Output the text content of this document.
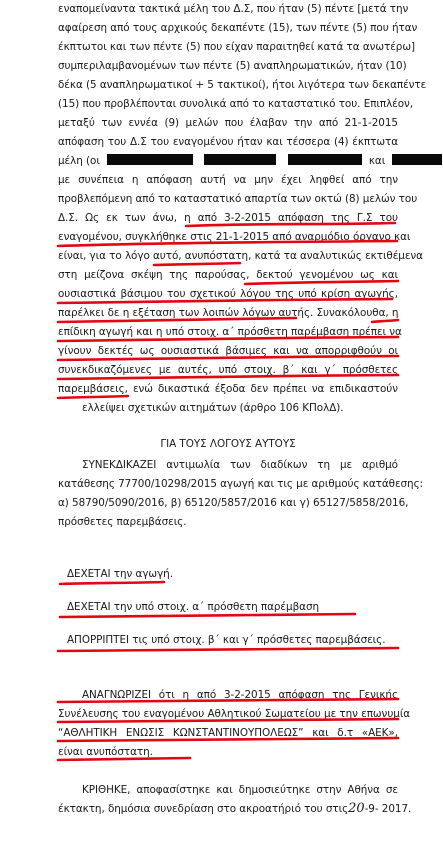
εναπομείναντα τακτικά μέλη του Δ.Σ, που ήταν (5) πέντε [μετά την
αφαίρεση από τους αρχικούς δεκαπέντε (15), των πέντε (5) που ήταν
έκπτωτοι και των πέντε (5) που είχαν παραιτηθεί κατά τα ανωτέρω]
συμπεριλαμβανομένων των πέντε (5) αναπληρωματικών, ήταν (10)
δέκα (5 αναπληρωματικοί + 5 τακτικοί), ήτοι λιγότερα των δεκαπέντε
(15) που προβλέπονται συνολικά από το καταστατικό του. Επιπλέον,
μεταξύ των εννέα (9) μελών που έλαβαν την από 21-1-2015
απόφαση του Δ.Σ του εναγομένου ήταν και τέσσερα (4) έκπτωτα
μέλη (οι	και
με συνέπεια η απόφαση αυτή να μην έχει ληφθεί από την
προβλεπόμενη από το καταστατικό απαρτία των οκτώ (8) μελών του
Δ.Σ. Ως εκ των άνω, η από 3-2-2015 απόφαση της Γ.Σ του
εναγομένου, συγκλήθηκε στις 21-1-2015 από αναρμόδιο όργανο και
είναι, για το λόγο αυτό, ανυπόστατη, κατά τα αναλυτικώς εκτιθέμενα
στη μείζονα σκέψη της παρούσας, δεκτού γενομένου ως και
ουσιαστικά βάσιμου του σχετικού λόγου της υπό κρίση αγωγής,
παρέλκει δε η εξέταση των λοιπών λόγων αυτής. Συνακόλουθα, η
επίδικη αγωγή και η υπό στοιχ. α΄ πρόσθετη παρέμβαση πρέπει να
γίνουν δεκτές ως ουσιαστικά βάσιμες και να απορριφθούν οι
συνεκδικαζόμενες με αυτές, υπό στοιχ. β΄ και γ΄ πρόσθετες
παρεμβάσεις, ενώ δικαστικά έξοδα δεν πρέπει να επιδικαστούν
ελλείψει σχετικών αιτημάτων (άρθρο 106 ΚΠολΔ).
ΓΙΑ ΤΟΥΣ ΛΟΓΟΥΣ ΑΥΤΟΥΣ
ΣΥΝΕΚΔΙΚΑΖΕΙ αντιμωλία των διαδίκων τη με αριθμό
κατάθεσης 77700/10298/2015 αγωγή και τις με αριθμούς κατάθεσης:
α) 58790/5090/2016, β) 65120/5857/2016 και γ) 65127/5858/2016,
πρόσθετες παρεμβάσεις.
ΔΕΧΕΤΑΙ την αγωγή.
ΔΕΧΕΤΑΙ την υπό στοιχ. α΄ πρόσθετη παρέμβαση
ΑΠΟΡΡΙΠΤΕΙ τις υπό στοιχ. β΄ και γ΄ πρόσθετες παρεμβάσεις.
ΑΝΑΓΝΩΡΙΖΕΙ ότι η από 3-2-2015 απόφαση της Γενικής
Συνέλευσης του εναγομένου Αθλητικού Σωματείου με την επωνυμία
“ΑΘΛΗΤΙΚΗ ΕΝΩΣΙΣ ΚΩΝΣΤΑΝΤΙΝΟΥΠΟΛΕΩΣ” και δ.τ «ΑΕΚ»,
είναι ανυπόστατη.
ΚΡΙΘΗΚΕ, αποφασίστηκε και δημοσιεύτηκε στην Αθήνα σε
έκτακτη, δημόσια συνεδρίαση στο ακροατήριό του στις20-9- 2017.
